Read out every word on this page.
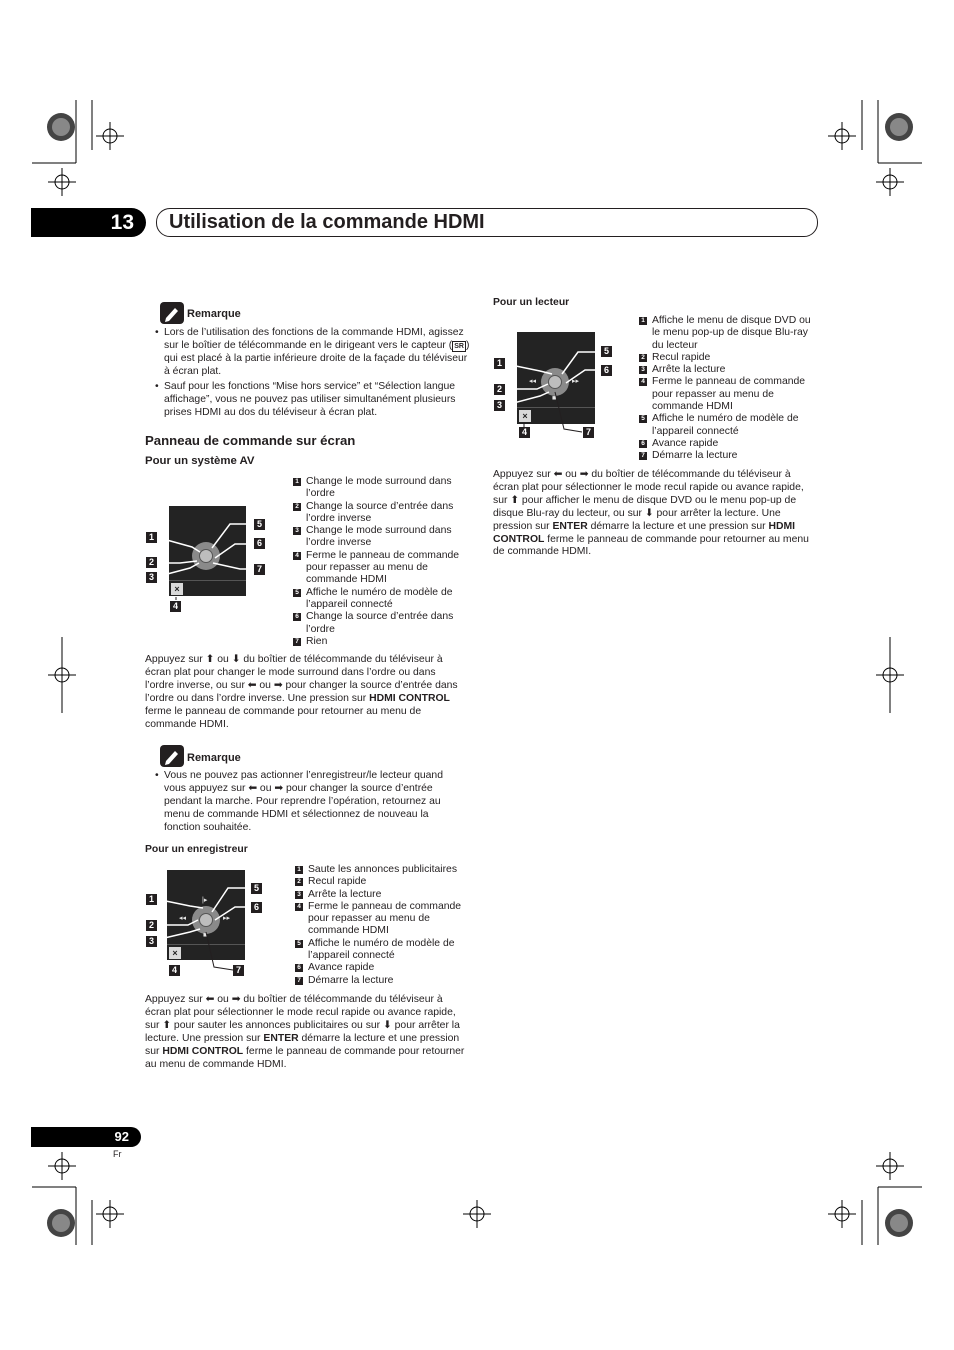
13	Utilisation de la commande HDMI
Remarque
• Lors de l’utilisation des fonctions de la commande HDMI, agissez sur le boîtier de télécommande en le dirigeant vers le capteur ( SR ) qui est placé à la partie inférieure droite de la façade du téléviseur à écran plat.
• Sauf pour les fonctions “Mise hors service” et “Sélection langue affichage”, vous ne pouvez pas utiliser simultanément plusieurs prises HDMI au dos du téléviseur à écran plat.
Panneau de commande sur écran
Pour un système AV
×
1
2
3
4
5
6
7
1 Change le mode surround dans l’ordre
2 Change la source d’entrée dans l’ordre inverse
3 Change le mode surround dans l’ordre inverse
4 Ferme le panneau de commande pour repasser au menu de commande HDMI
5 Affiche le numéro de modèle de l’appareil connecté
6 Change la source d’entrée dans l’ordre
7 Rien
Appuyez sur ⬆ ou ⬇ du boîtier de télécommande du téléviseur à écran plat pour changer le mode surround dans l’ordre ou dans l’ordre inverse, ou sur ⬅ ou ➡ pour changer la source d’entrée dans l’ordre ou dans l’ordre inverse. Une pression sur HDMI CONTROL ferme le panneau de commande pour retourner au menu de commande HDMI.
Remarque
• Vous ne pouvez pas actionner l’enregistreur/le lecteur quand vous appuyez sur ⬅ ou ➡ pour changer la source d’entrée pendant la marche. Pour reprendre l’opération, retournez au menu de commande HDMI et sélectionnez de nouveau la fonction souhaitée.
Pour un enregistreur
|▸
◂◂	▸▸
■
×
1
2
3
4
5
6
7
1 Saute les annonces publicitaires
2 Recul rapide
3 Arrête la lecture
4 Ferme le panneau de commande pour repasser au menu de commande HDMI
5 Affiche le numéro de modèle de l’appareil connecté
6 Avance rapide
7 Démarre la lecture
Appuyez sur ⬅ ou ➡ du boîtier de télécommande du téléviseur à écran plat pour sélectionner le mode recul rapide ou avance rapide, sur ⬆ pour sauter les annonces publicitaires ou sur ⬇ pour arrêter la lecture. Une pression sur ENTER démarre la lecture et une pression sur HDMI CONTROL ferme le panneau de commande pour retourner au menu de commande HDMI.
Pour un lecteur
◂◂	▸▸
■
×
1
2
3
4
5
6
7
1 Affiche le menu de disque DVD ou le menu pop-up de disque Blu-ray du lecteur
2 Recul rapide
3 Arrête la lecture
4 Ferme le panneau de commande pour repasser au menu de commande HDMI
5 Affiche le numéro de modèle de l’appareil connecté
6 Avance rapide
7 Démarre la lecture
Appuyez sur ⬅ ou ➡ du boîtier de télécommande du téléviseur à écran plat pour sélectionner le mode recul rapide ou avance rapide, sur ⬆ pour afficher le menu de disque DVD ou le menu pop-up de disque Blu-ray du lecteur, ou sur ⬇ pour arrêter la lecture. Une pression sur ENTER démarre la lecture et une pression sur HDMI CONTROL ferme le panneau de commande pour retourner au menu de commande HDMI.
92
Fr
